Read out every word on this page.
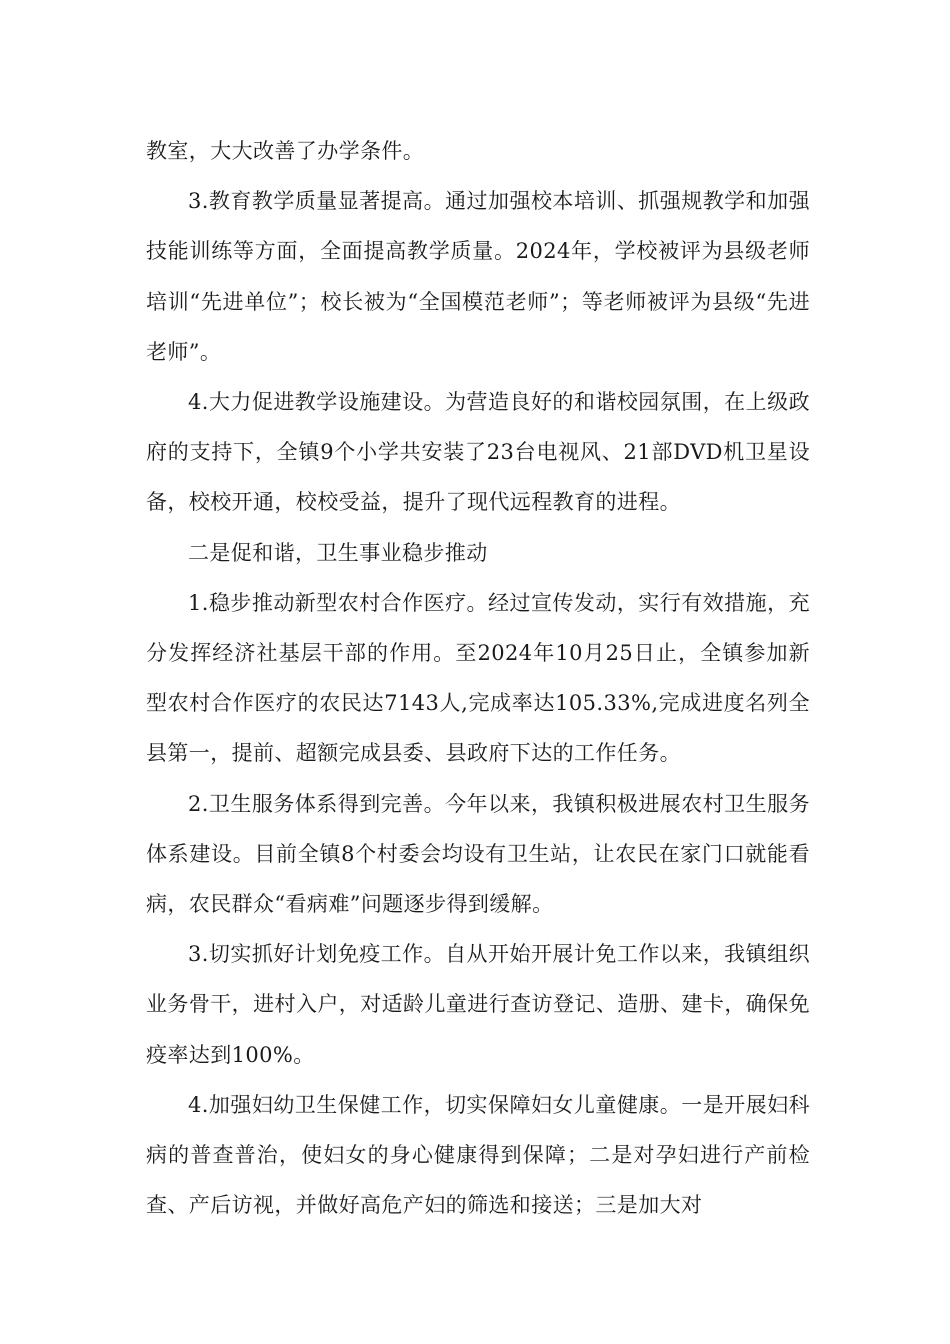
教室，大大改善了办学条件。

3.教育教学质量显著提高。通过加强校本培训、抓强规教学和加强技能训练等方面，全面提高教学质量。2024年，学校被评为县级老师培训“先进单位”；校长被为“全国模范老师”；等老师被评为县级“先进老师”。

4.大力促进教学设施建设。为营造良好的和谐校园氛围，在上级政府的支持下，全镇9个小学共安装了23台电视风、21部DVD机卫星设备，校校开通，校校受益，提升了现代远程教育的进程。

二是促和谐，卫生事业稳步推动

1.稳步推动新型农村合作医疗。经过宣传发动，实行有效措施，充分发挥经济社基层干部的作用。至2024年10月25日止，全镇参加新型农村合作医疗的农民达7143人,完成率达105.33%,完成进度名列全县第一，提前、超额完成县委、县政府下达的工作任务。

2.卫生服务体系得到完善。今年以来，我镇积极进展农村卫生服务体系建设。目前全镇8个村委会均设有卫生站，让农民在家门口就能看病，农民群众“看病难”问题逐步得到缓解。

3.切实抓好计划免疫工作。自从开始开展计免工作以来，我镇组织业务骨干，进村入户，对适龄儿童进行查访登记、造册、建卡，确保免疫率达到100%。

4.加强妇幼卫生保健工作，切实保障妇女儿童健康。一是开展妇科病的普查普治，使妇女的身心健康得到保障；二是对孕妇进行产前检查、产后访视，并做好高危产妇的筛选和接送；三是加大对
